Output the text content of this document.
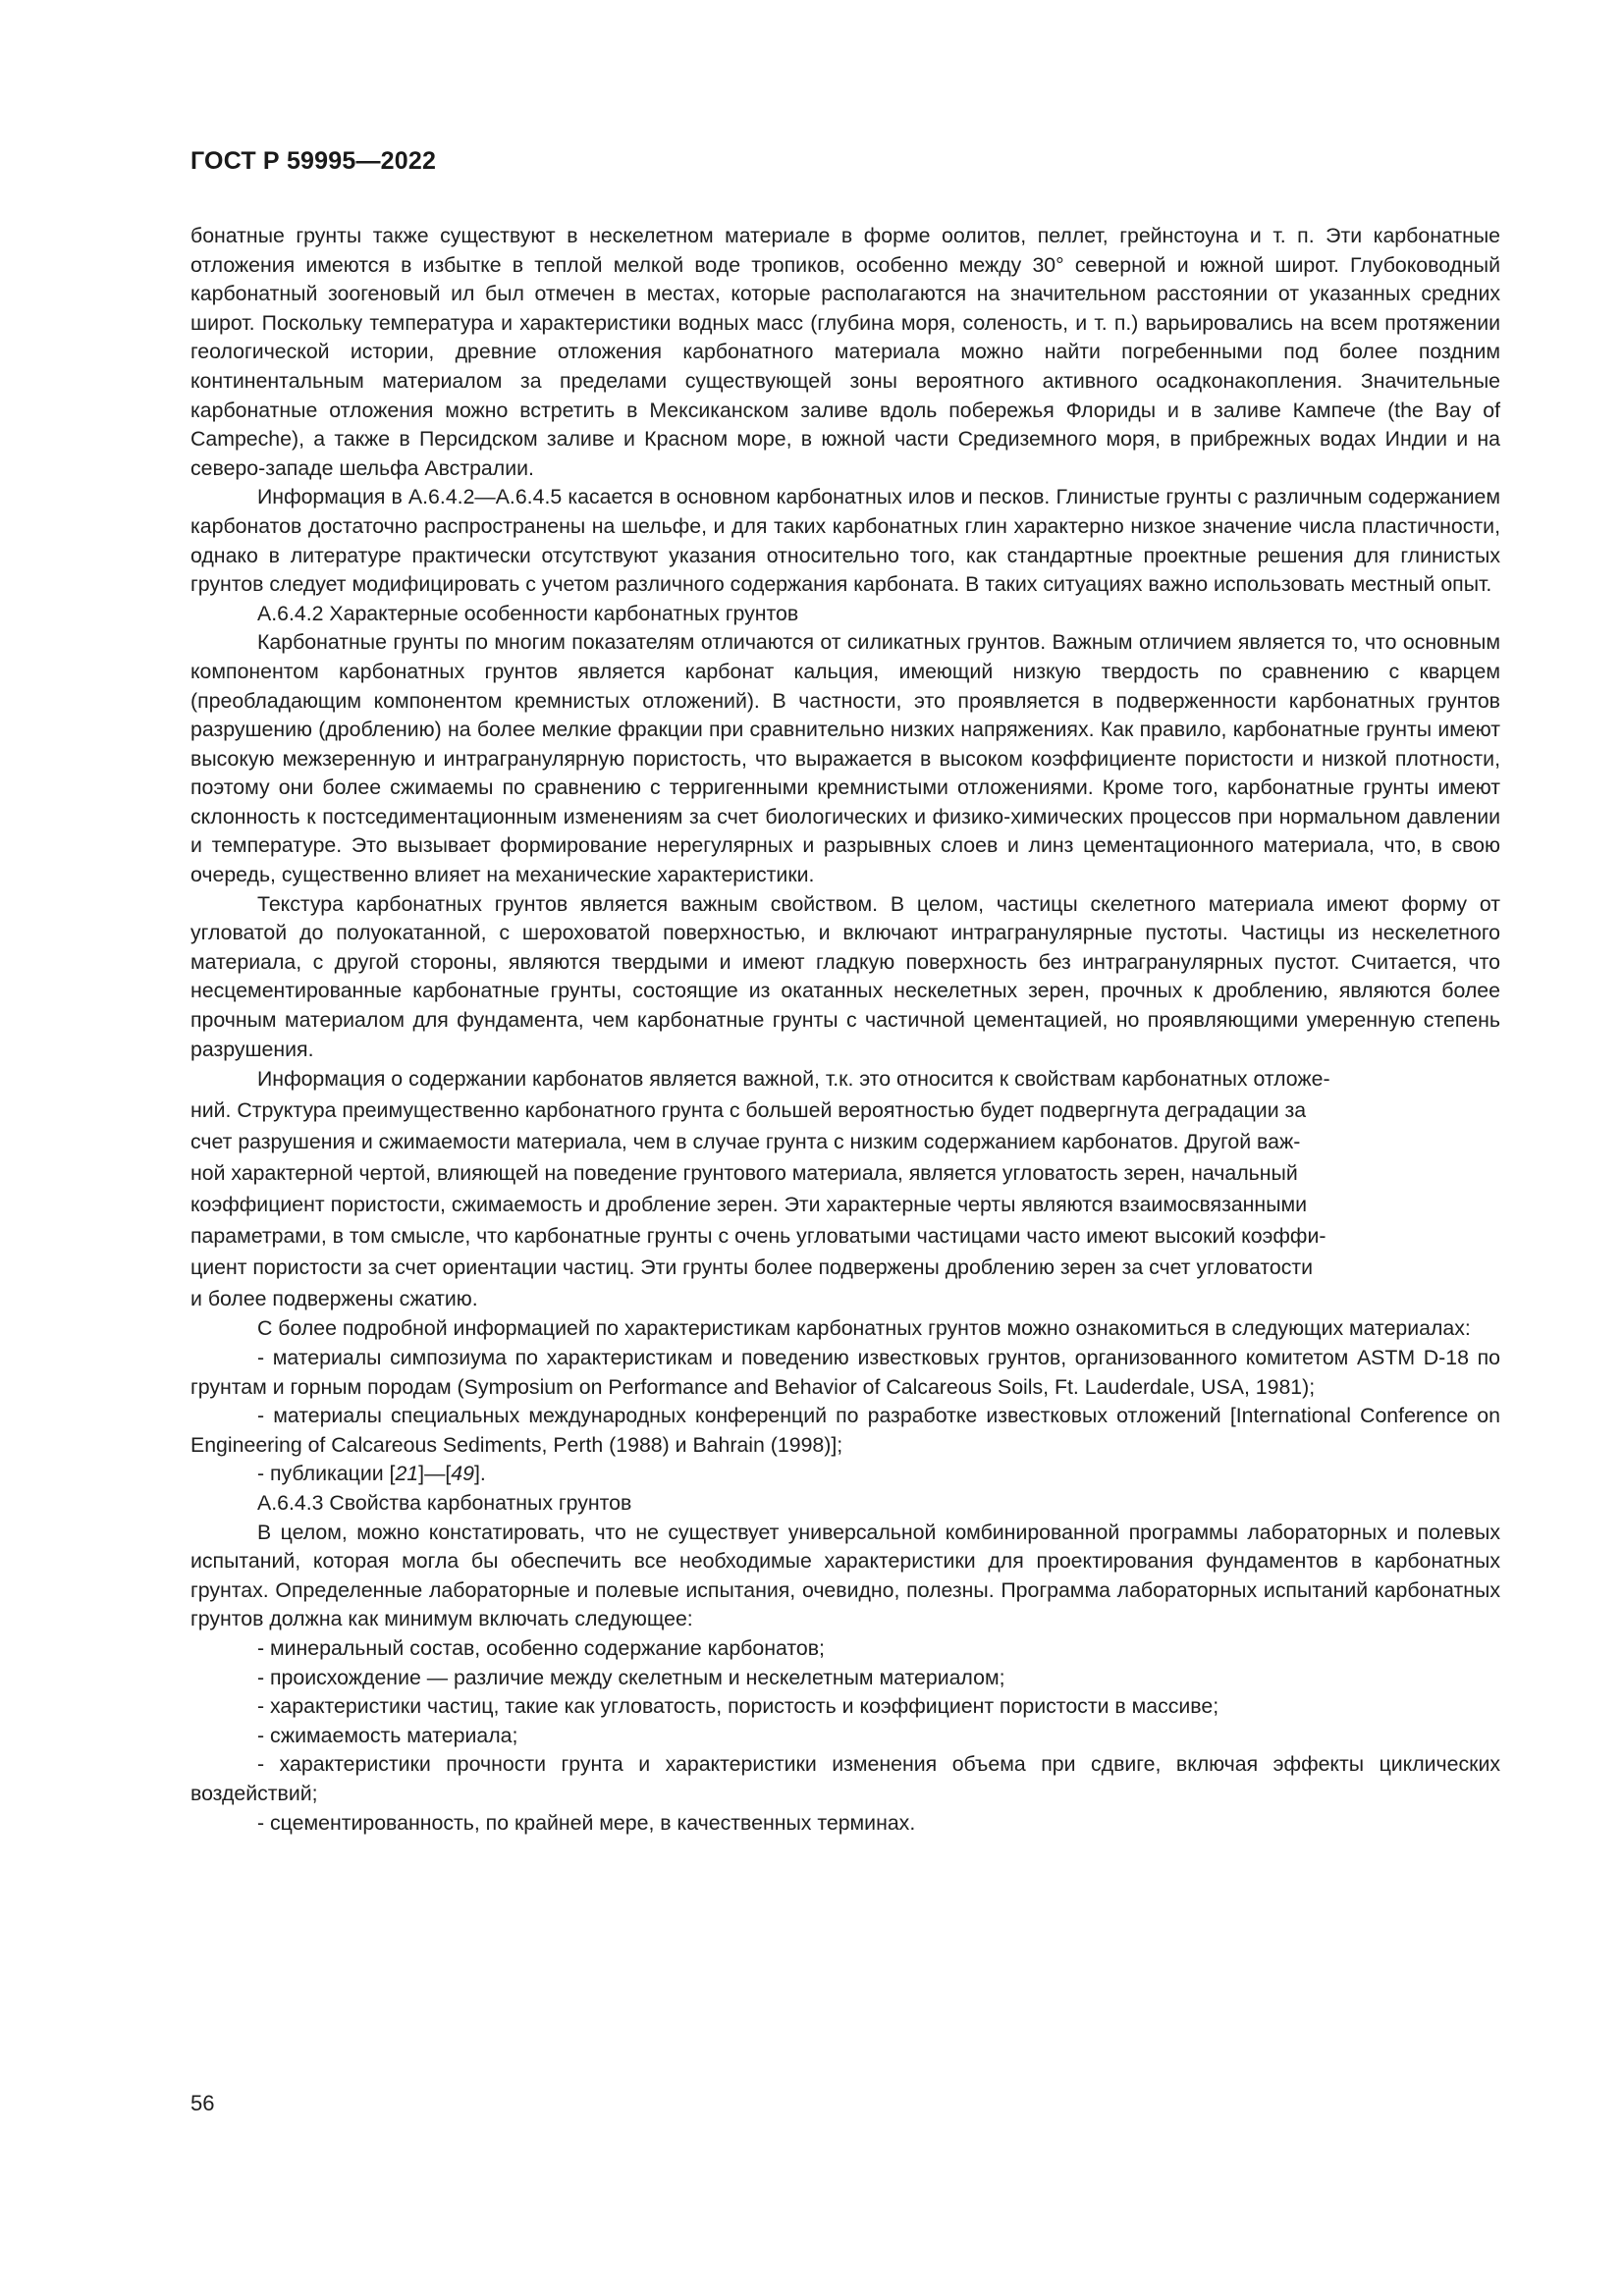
ГОСТ Р 59995—2022

бонатные грунты также существуют в нескелетном материале в форме оолитов, пеллет, грейнстоуна и т. п. Эти карбонатные отложения имеются в избытке в теплой мелкой воде тропиков, особенно между 30° северной и южной широт. Глубоководный карбонатный зоогеновый ил был отмечен в местах, которые располагаются на значительном расстоянии от указанных средних широт. Поскольку температура и характеристики водных масс (глубина моря, соленость, и т. п.) варьировались на всем протяжении геологической истории, древние отложения карбонатного материала можно найти погребенными под более поздним континентальным материалом за пределами существующей зоны вероятного активного осадконакопления. Значительные карбонатные отложения можно встретить в Мексиканском заливе вдоль побережья Флориды и в заливе Кампече (the Bay of Campeche), а также в Персидском заливе и Красном море, в южной части Средиземного моря, в прибрежных водах Индии и на северо-западе шельфа Австралии.

Информация в А.6.4.2—А.6.4.5 касается в основном карбонатных илов и песков. Глинистые грунты с различным содержанием карбонатов достаточно распространены на шельфе, и для таких карбонатных глин характерно низкое значение числа пластичности, однако в литературе практически отсутствуют указания относительно того, как стандартные проектные решения для глинистых грунтов следует модифицировать с учетом различного содержания карбоната. В таких ситуациях важно использовать местный опыт.

А.6.4.2 Характерные особенности карбонатных грунтов

Карбонатные грунты по многим показателям отличаются от силикатных грунтов. Важным отличием является то, что основным компонентом карбонатных грунтов является карбонат кальция, имеющий низкую твердость по сравнению с кварцем (преобладающим компонентом кремнистых отложений). В частности, это проявляется в подверженности карбонатных грунтов разрушению (дроблению) на более мелкие фракции при сравнительно низких напряжениях. Как правило, карбонатные грунты имеют высокую межзеренную и интрагранулярную пористость, что выражается в высоком коэффициенте пористости и низкой плотности, поэтому они более сжимаемы по сравнению с терригенными кремнистыми отложениями. Кроме того, карбонатные грунты имеют склонность к постседиментационным изменениям за счет биологических и физико-химических процессов при нормальном давлении и температуре. Это вызывает формирование нерегулярных и разрывных слоев и линз цементационного материала, что, в свою очередь, существенно влияет на механические характеристики.

Текстура карбонатных грунтов является важным свойством. В целом, частицы скелетного материала имеют форму от угловатой до полуокатанной, с шероховатой поверхностью, и включают интрагранулярные пустоты. Частицы из нескелетного материала, с другой стороны, являются твердыми и имеют гладкую поверхность без интрагранулярных пустот. Считается, что несцементированные карбонатные грунты, состоящие из окатанных нескелетных зерен, прочных к дроблению, являются более прочным материалом для фундамента, чем карбонатные грунты с частичной цементацией, но проявляющими умеренную степень разрушения.

Информация о содержании карбонатов является важной, т.к. это относится к свойствам карбонатных отложе-
ний. Структура преимущественно карбонатного грунта с большей вероятностью будет подвергнута деградации за
счет разрушения и сжимаемости материала, чем в случае грунта с низким содержанием карбонатов. Другой важ-
ной характерной чертой, влияющей на поведение грунтового материала, является угловатость зерен, начальный
коэффициент пористости, сжимаемость и дробление зерен. Эти характерные черты являются взаимосвязанными
параметрами, в том смысле, что карбонатные грунты с очень угловатыми частицами часто имеют высокий коэффи-
циент пористости за счет ориентации частиц. Эти грунты более подвержены дроблению зерен за счет угловатости
и более подвержены сжатию.

С более подробной информацией по характеристикам карбонатных грунтов можно ознакомиться в следующих материалах:

- материалы симпозиума по характеристикам и поведению известковых грунтов, организованного комитетом ASTM D-18 по грунтам и горным породам (Symposium on Performance and Behavior of Calcareous Soils, Ft. Lauderdale, USA, 1981);

- материалы специальных международных конференций по разработке известковых отложений [International Conference on Engineering of Calcareous Sediments, Perth (1988) и Bahrain (1998)];

- публикации [21]—[49].

А.6.4.3 Свойства карбонатных грунтов

В целом, можно констатировать, что не существует универсальной комбинированной программы лабораторных и полевых испытаний, которая могла бы обеспечить все необходимые характеристики для проектирования фундаментов в карбонатных грунтах. Определенные лабораторные и полевые испытания, очевидно, полезны. Программа лабораторных испытаний карбонатных грунтов должна как минимум включать следующее:

- минеральный состав, особенно содержание карбонатов;

- происхождение — различие между скелетным и нескелетным материалом;

- характеристики частиц, такие как угловатость, пористость и коэффициент пористости в массиве;

- сжимаемость материала;

- характеристики прочности грунта и характеристики изменения объема при сдвиге, включая эффекты циклических воздействий;

- сцементированность, по крайней мере, в качественных терминах.

56
